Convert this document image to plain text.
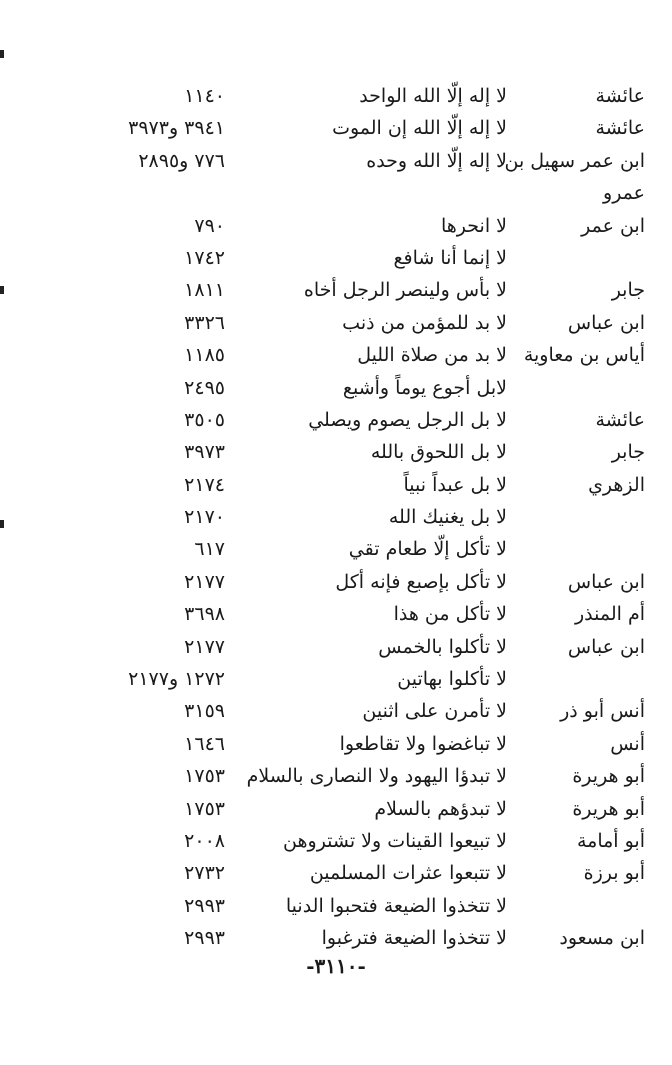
عائشة
لا إله إلّا الله الواحد
١١٤٠
عائشة
لا إله إلّا الله إن الموت
٣٩٤١ و٣٩٧٣
ابن عمر سهيل بن
لا إله إلّا الله وحده
٧٧٦ و٢٨٩٥
عمرو
ابن عمر
لا انحرها
٧٩٠
لا إنما أنا شافع
١٧٤٢
جابر
لا بأس ولينصر الرجل أخاه
١٨١١
ابن عباس
لا بد للمؤمن من ذنب
٣٣٢٦
أياس بن معاوية
لا بد من صلاة الليل
١١٨٥
لابل أجوع يوماً وأشبع
٢٤٩٥
عائشة
لا بل الرجل يصوم ويصلي
٣٥٠٥
جابر
لا بل اللحوق بالله
٣٩٧٣
الزهري
لا بل عبداً نبياً
٢١٧٤
لا بل يغنيك الله
٢١٧٠
لا تأكل إلّا طعام تقي
٦١٧
ابن عباس
لا تأكل بإصبع فإنه أكل
٢١٧٧
أم المنذر
لا تأكل من هذا
٣٦٩٨
ابن عباس
لا تأكلوا بالخمس
٢١٧٧
لا تأكلوا بهاتين
١٢٧٢ و٢١٧٧
أنس أبو ذر
لا تأمرن على اثنين
٣١٥٩
أنس
لا تباغضوا ولا تقاطعوا
١٦٤٦
أبو هريرة
لا تبدؤا اليهود ولا النصارى بالسلام
١٧٥٣
أبو هريرة
لا تبدؤهم بالسلام
١٧٥٣
أبو أمامة
لا تبيعوا القينات ولا تشتروهن
٢٠٠٨
أبو برزة
لا تتبعوا عثرات المسلمين
٢٧٣٢
لا تتخذوا الضيعة فتحبوا الدنيا
٢٩٩٣
ابن مسعود
لا تتخذوا الضيعة فترغبوا
٢٩٩٣
-٣١١٠-
